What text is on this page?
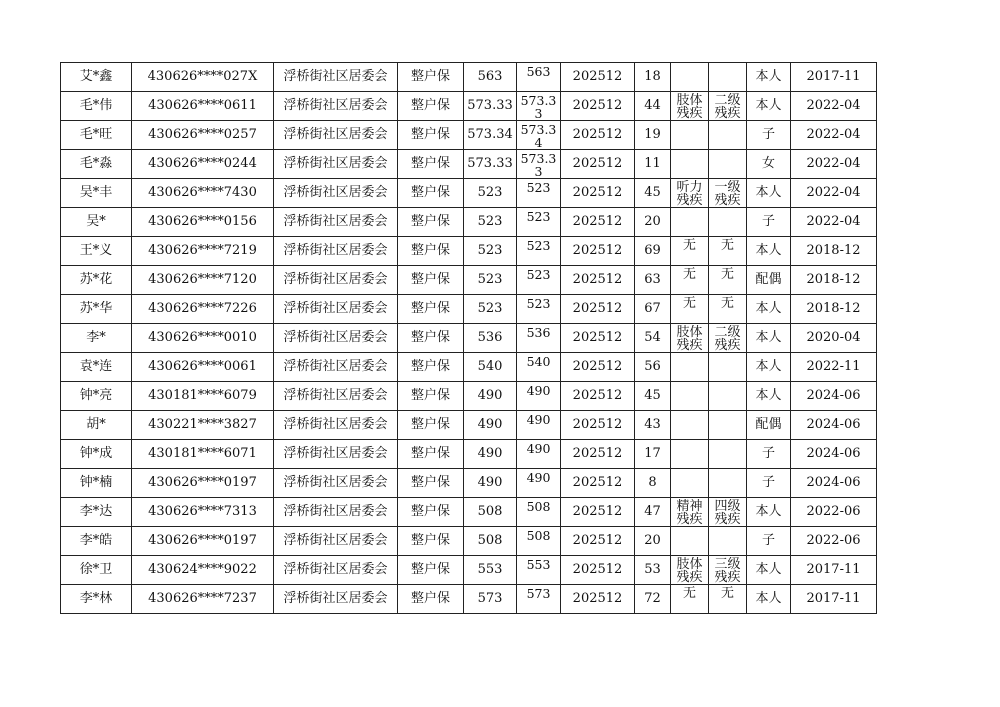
艾*鑫	430626****027X	浮桥街社区居委会	整户保	563	563	202512	18			本人	2017-11
毛*伟	430626****0611	浮桥街社区居委会	整户保	573.33	573.33	202512	44	肢体残疾	二级残疾	本人	2022-04
毛*旺	430626****0257	浮桥街社区居委会	整户保	573.34	573.34	202512	19			子	2022-04
毛*淼	430626****0244	浮桥街社区居委会	整户保	573.33	573.33	202512	11			女	2022-04
吴*丰	430626****7430	浮桥街社区居委会	整户保	523	523	202512	45	听力残疾	一级残疾	本人	2022-04
吴*	430626****0156	浮桥街社区居委会	整户保	523	523	202512	20			子	2022-04
王*义	430626****7219	浮桥街社区居委会	整户保	523	523	202512	69	无	无	本人	2018-12
苏*花	430626****7120	浮桥街社区居委会	整户保	523	523	202512	63	无	无	配偶	2018-12
苏*华	430626****7226	浮桥街社区居委会	整户保	523	523	202512	67	无	无	本人	2018-12
李*	430626****0010	浮桥街社区居委会	整户保	536	536	202512	54	肢体残疾	二级残疾	本人	2020-04
袁*连	430626****0061	浮桥街社区居委会	整户保	540	540	202512	56			本人	2022-11
钟*亮	430181****6079	浮桥街社区居委会	整户保	490	490	202512	45			本人	2024-06
胡*	430221****3827	浮桥街社区居委会	整户保	490	490	202512	43			配偶	2024-06
钟*成	430181****6071	浮桥街社区居委会	整户保	490	490	202512	17			子	2024-06
钟*楠	430626****0197	浮桥街社区居委会	整户保	490	490	202512	8			子	2024-06
李*达	430626****7313	浮桥街社区居委会	整户保	508	508	202512	47	精神残疾	四级残疾	本人	2022-06
李*皓	430626****0197	浮桥街社区居委会	整户保	508	508	202512	20			子	2022-06
徐*卫	430624****9022	浮桥街社区居委会	整户保	553	553	202512	53	肢体残疾	三级残疾	本人	2017-11
李*林	430626****7237	浮桥街社区居委会	整户保	573	573	202512	72	无	无	本人	2017-11
